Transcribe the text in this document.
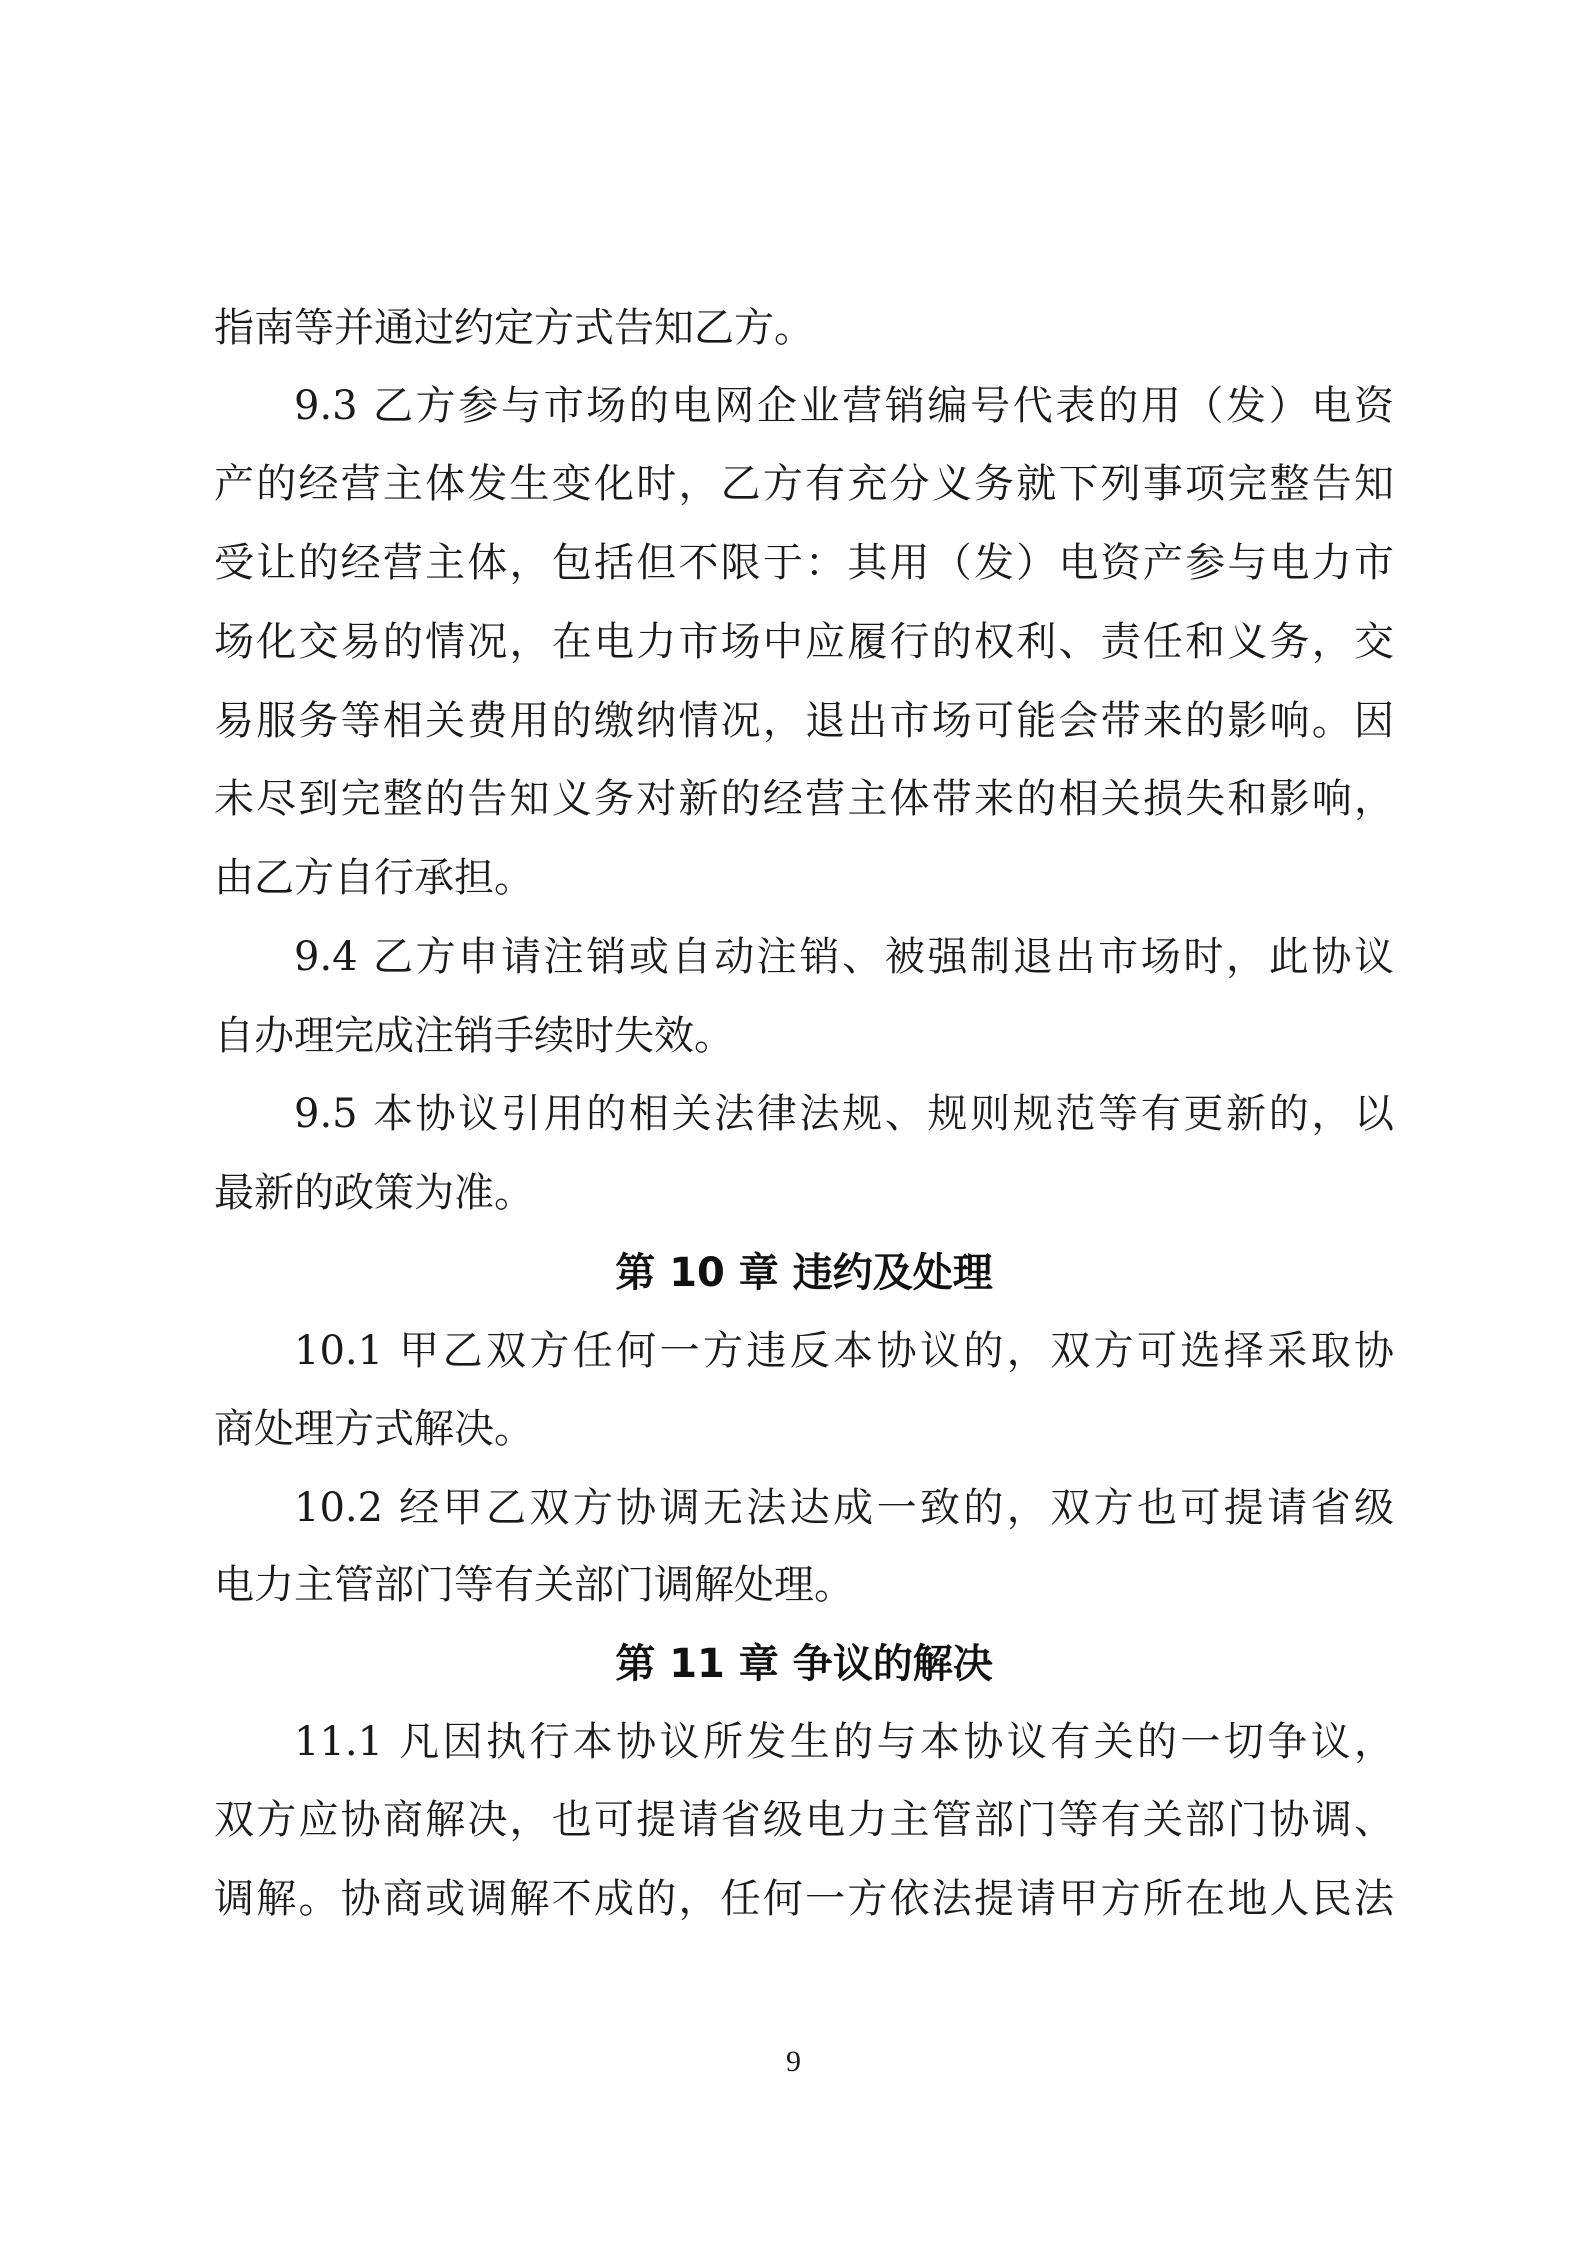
指南等并通过约定方式告知乙方。
9.3 乙方参与市场的电网企业营销编号代表的用（发）电资
产的经营主体发生变化时，乙方有充分义务就下列事项完整告知
受让的经营主体，包括但不限于：其用（发）电资产参与电力市
场化交易的情况，在电力市场中应履行的权利、责任和义务，交
易服务等相关费用的缴纳情况，退出市场可能会带来的影响。因
未尽到完整的告知义务对新的经营主体带来的相关损失和影响，
由乙方自行承担。
9.4 乙方申请注销或自动注销、被强制退出市场时，此协议
自办理完成注销手续时失效。
9.5 本协议引用的相关法律法规、规则规范等有更新的，以
最新的政策为准。
第 10 章 违约及处理
10.1 甲乙双方任何一方违反本协议的，双方可选择采取协
商处理方式解决。
10.2 经甲乙双方协调无法达成一致的，双方也可提请省级
电力主管部门等有关部门调解处理。
第 11 章 争议的解决
11.1 凡因执行本协议所发生的与本协议有关的一切争议，
双方应协商解决，也可提请省级电力主管部门等有关部门协调、
调解。协商或调解不成的，任何一方依法提请甲方所在地人民法
9
